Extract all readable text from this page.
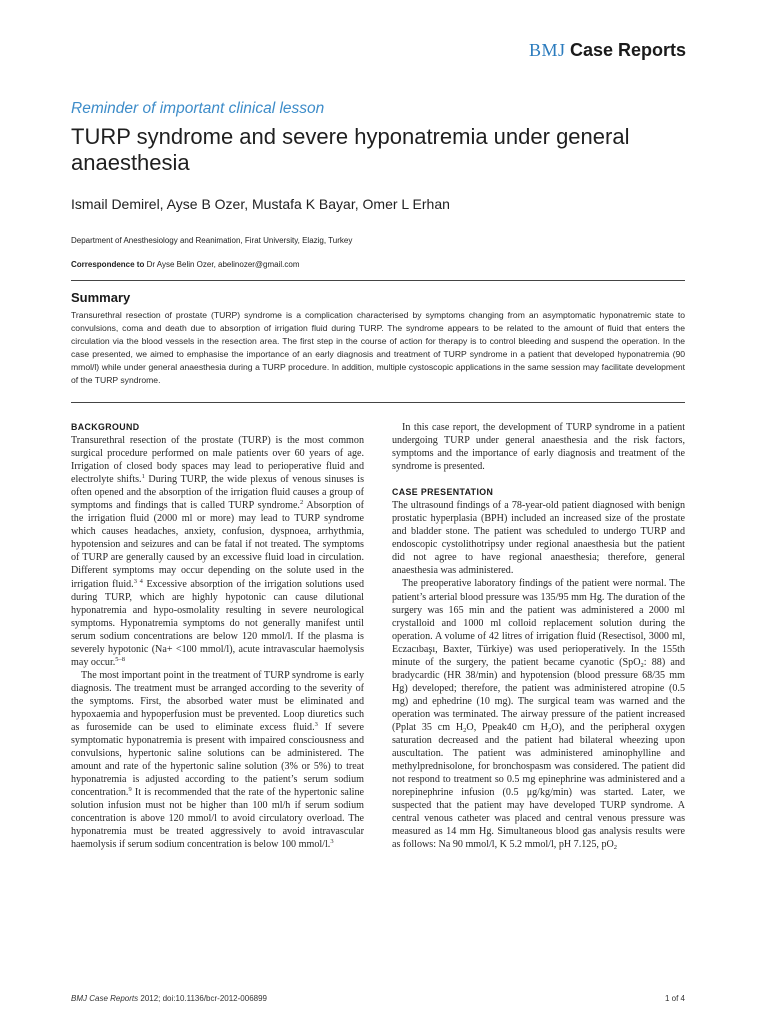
BMJ Case Reports
Reminder of important clinical lesson
TURP syndrome and severe hyponatremia under general anaesthesia
Ismail Demirel, Ayse B Ozer, Mustafa K Bayar, Omer L Erhan
Department of Anesthesiology and Reanimation, Firat University, Elazig, Turkey
Correspondence to Dr Ayse Belin Ozer, abelinozer@gmail.com
Summary
Transurethral resection of prostate (TURP) syndrome is a complication characterised by symptoms changing from an asymptomatic hyponatremic state to convulsions, coma and death due to absorption of irrigation fluid during TURP. The syndrome appears to be related to the amount of fluid that enters the circulation via the blood vessels in the resection area. The first step in the course of action for therapy is to control bleeding and suspend the operation. In the case presented, we aimed to emphasise the importance of an early diagnosis and treatment of TURP syndrome in a patient that developed hyponatremia (90 mmol/l) while under general anaesthesia during a TURP procedure. In addition, multiple cystoscopic applications in the same session may facilitate development of the TURP syndrome.
BACKGROUND

Transurethral resection of the prostate (TURP) is the most common surgical procedure performed on male patients over 60 years of age. Irrigation of closed body spaces may lead to perioperative fluid and electrolyte shifts.$^1$ During TURP, the wide plexus of venous sinuses is often opened and the absorption of the irrigation fluid causes a group of symptoms and findings that is called TURP syndrome.$^2$ Absorption of the irrigation fluid (2000 ml or more) may lead to TURP syndrome which causes headaches, anxiety, confusion, dyspnoea, arrhythmia, hypotension and seizures and can be fatal if not treated. The symptoms of TURP are generally caused by an excessive fluid load in circulation. Different symptoms may occur depending on the solute used in the irrigation fluid.$^{3 4}$ Excessive absorption of the irrigation solutions used during TURP, which are highly hypotonic can cause dilutional hyponatremia and hypo-osmolality resulting in severe neurological symptoms. Hyponatremia symptoms do not generally manifest until serum sodium concentrations are below 120 mmol/l. If the plasma is severely hypotonic (Na+ <100 mmol/l), acute intravascular haemolysis may occur.$^{5-8}$

The most important point in the treatment of TURP syndrome is early diagnosis. The treatment must be arranged according to the severity of the symptoms. First, the absorbed water must be eliminated and hypoxaemia and hypoperfusion must be prevented. Loop diuretics such as furosemide can be used to eliminate excess fluid.$^3$ If severe symptomatic hyponatremia is present with impaired consciousness and convulsions, hypertonic saline solutions can be administered. The amount and rate of the hypertonic saline solution (3% or 5%) to treat hyponatremia is adjusted according to the patient’s serum sodium concentration.$^9$ It is recommended that the rate of the hypertonic saline solution infusion must not be higher than 100 ml/h if serum sodium concentration is above 120 mmol/l to avoid circulatory overload. The hyponatremia must be treated aggressively to avoid intravascular haemolysis if serum sodium concentration is below 100 mmol/l.$^3$

In this case report, the development of TURP syndrome in a patient undergoing TURP under general anaesthesia and the risk factors, symptoms and the importance of early diagnosis and treatment of the syndrome is presented.

CASE PRESENTATION

The ultrasound findings of a 78-year-old patient diagnosed with benign prostatic hyperplasia (BPH) included an increased size of the prostate and bladder stone. The patient was scheduled to undergo TURP and endoscopic cystolithotripsy under regional anaesthesia but the patient did not agree to have regional anaesthesia; therefore, general anaesthesia was administered.

The preoperative laboratory findings of the patient were normal. The patient’s arterial blood pressure was 135/95 mm Hg. The duration of the surgery was 165 min and the patient was administered a 2000 ml crystalloid and 1000 ml colloid replacement solution during the operation. A volume of 42 litres of irrigation fluid (Resectisol, 3000 ml, Eczacıbaşı, Baxter, Türkiye) was used perioperatively. In the 155th minute of the surgery, the patient became cyanotic (SpO$_2$: 88) and bradycardic (HR 38/min) and hypotension (blood pressure 68/35 mm Hg) developed; therefore, the patient was administered atropine (0.5 mg) and ephedrine (10 mg). The surgical team was warned and the operation was terminated. The airway pressure of the patient increased (Pplat 35 cm $H_2O$, Ppeak40 cm $H_2O$), and the peripheral oxygen saturation decreased and the patient had bilateral wheezing upon auscultation. The patient was administered aminophylline and methylprednisolone, for bronchospasm was considered. The patient did not respond to treatment so 0.5 mg epinephrine was administered and a norepinephrine infusion (0.5 μg/kg/min) was started. Later, we suspected that the patient may have developed TURP syndrome. A central venous catheter was placed and central venous pressure was measured as 14 mm Hg. Simultaneous blood gas analysis results were as follows: Na 90 mmol/l, K 5.2 mmol/l, pH 7.125, $pO_2$

BMJ Case Reports 2012; doi:10.1136/bcr-2012-006899	1 of 4
